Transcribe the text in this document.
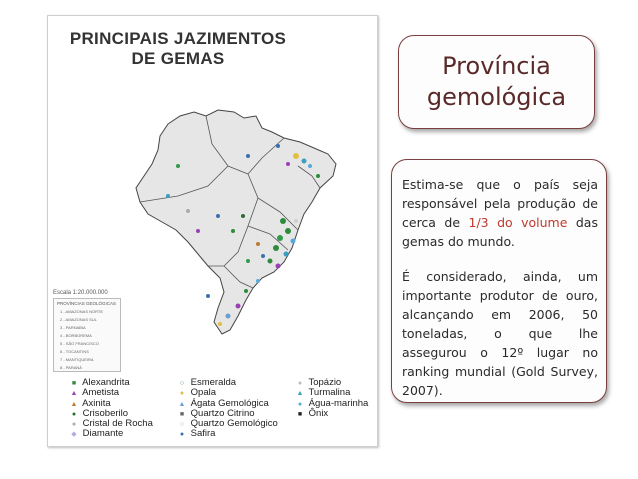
PRINCIPAIS JAZIMENTOS
DE GEMAS
Escala 1:20.000.000
PROVÍNCIAS GEOLÓGICAS
1 - AMAZONAS NORTE
2 - AMAZONAS SUL
3 - PARNAÍBA
4 - BORBOREMA
5 - SÃO FRANCISCO
6 - TOCANTINS
7 - MANTIQUEIRA
8 - PARANÁ
■ Alexandrita
▲ Ametista
▲ Axinita
● Crisoberilo
● Cristal de Rocha
◆ Diamante
○ Esmeralda
● Opala
▲ Ágata Gemológica
■ Quartzo Citrino
○ Quartzo Gemológico
● Safira
● Topázio
▲ Turmalina
● Água-marinha
■ Ônix
Província
gemológica

Estima-se que o país seja responsável pela produção de cerca de 1/3 do volume das gemas do mundo.

É considerado, ainda, um importante produtor de ouro, alcançando em 2006, 50 toneladas, o que lhe assegurou o 12º lugar no ranking mundial (Gold Survey, 2007).
